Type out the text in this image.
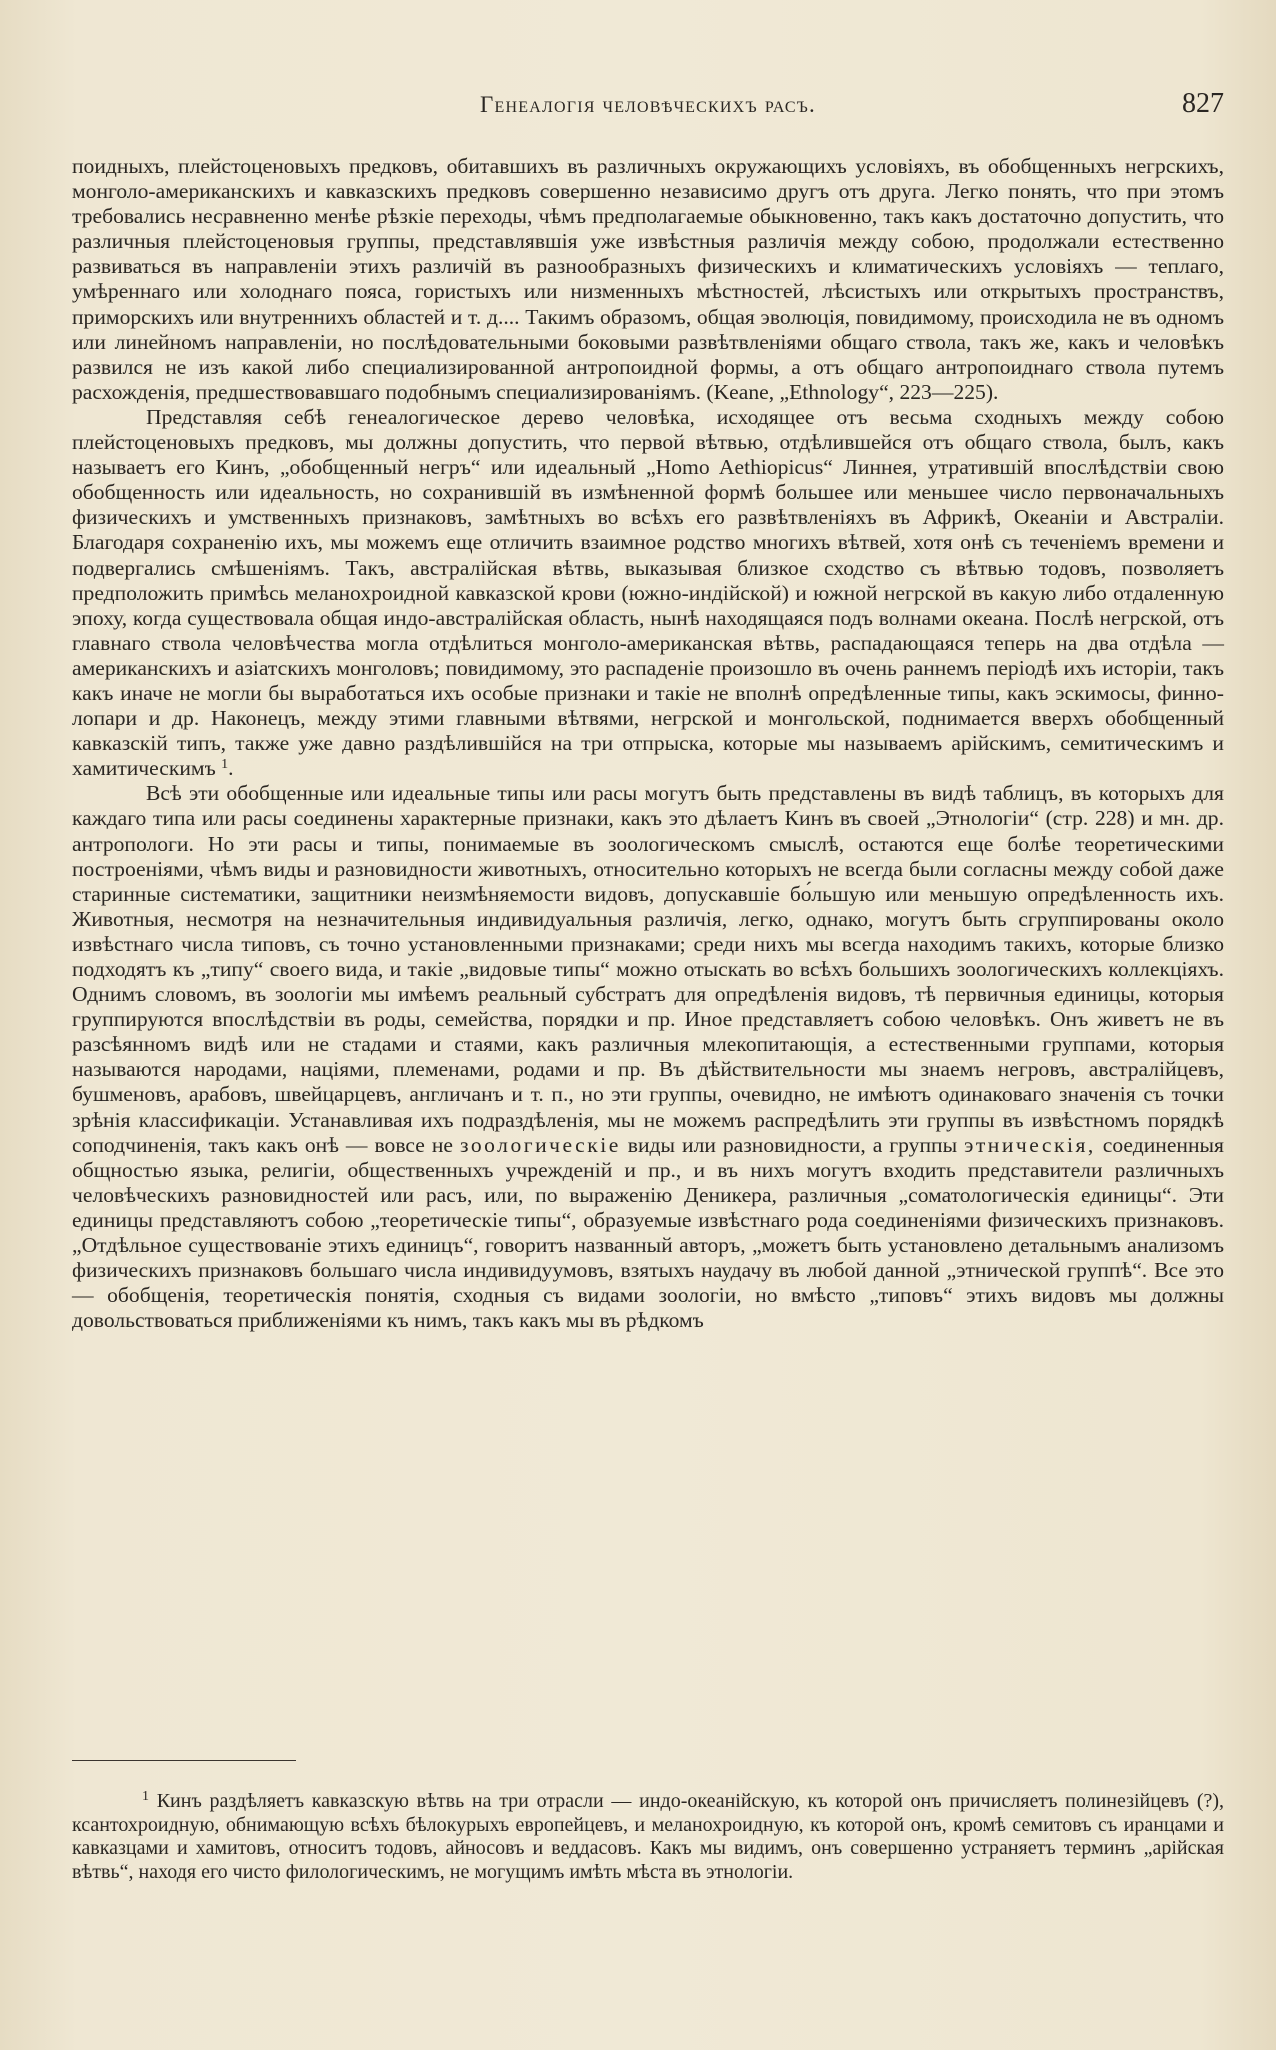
Генеалогія человѣческихъ расъ.	827

поидныхъ, плейстоценовыхъ предковъ, обитавшихъ въ различныхъ окружающихъ условіяхъ, въ обобщенныхъ негрскихъ, монголо-американскихъ и кавказскихъ предковъ совершенно независимо другъ отъ друга. Легко понять, что при этомъ требовались несравненно менѣе рѣзкіе переходы, чѣмъ предполагаемые обыкновенно, такъ какъ достаточно допустить, что различныя плейстоценовыя группы, представлявшія уже извѣстныя различія между собою, продолжали естественно развиваться въ направленіи этихъ различій въ разнообразныхъ физическихъ и климатическихъ условіяхъ — теплаго, умѣреннаго или холоднаго пояса, гористыхъ или низменныхъ мѣстностей, лѣсистыхъ или открытыхъ пространствъ, приморскихъ или внутреннихъ областей и т. д.... Такимъ образомъ, общая эволюція, повидимому, происходила не въ одномъ или линейномъ направленіи, но послѣдовательными боковыми развѣтвленіями общаго ствола, такъ же, какъ и человѣкъ развился не изъ какой либо специализированной антропоидной формы, а отъ общаго антропоиднаго ствола путемъ расхожденія, предшествовавшаго подобнымъ специализированіямъ. (Keane, „Ethnology“, 223—225).

Представляя себѣ генеалогическое дерево человѣка, исходящее отъ весьма сходныхъ между собою плейстоценовыхъ предковъ, мы должны допустить, что первой вѣтвью, отдѣлившейся отъ общаго ствола, былъ, какъ называетъ его Кинъ, „обобщенный негръ“ или идеальный „Homo Aethiopicus“ Линнея, утратившій впослѣдствіи свою обобщенность или идеальность, но сохранившій въ измѣненной формѣ большее или меньшее число первоначальныхъ физическихъ и умственныхъ признаковъ, замѣтныхъ во всѣхъ его развѣтвленіяхъ въ Африкѣ, Океаніи и Австраліи. Благодаря сохраненію ихъ, мы можемъ еще отличить взаимное родство многихъ вѣтвей, хотя онѣ съ теченіемъ времени и подвергались смѣшеніямъ. Такъ, австралійская вѣтвь, выказывая близкое сходство съ вѣтвью тодовъ, позволяетъ предположить примѣсь меланохроидной кавказской крови (южно-индійской) и южной негрской въ какую либо отдаленную эпоху, когда существовала общая индо-австралійская область, нынѣ находящаяся подъ волнами океана. Послѣ негрской, отъ главнаго ствола человѣчества могла отдѣлиться монголо-американская вѣтвь, распадающаяся теперь на два отдѣла — американскихъ и азіатскихъ монголовъ; повидимому, это распаденіе произошло въ очень раннемъ періодѣ ихъ исторіи, такъ какъ иначе не могли бы выработаться ихъ особые признаки и такіе не вполнѣ опредѣленные типы, какъ эскимосы, финно-лопари и др. Наконецъ, между этими главными вѣтвями, негрской и монгольской, поднимается вверхъ обобщенный кавказскій типъ, также уже давно раздѣлившійся на три отпрыска, которые мы называемъ арійскимъ, семитическимъ и хамитическимъ $^1$.

Всѣ эти обобщенные или идеальные типы или расы могутъ быть представлены въ видѣ таблицъ, въ которыхъ для каждаго типа или расы соединены характерные признаки, какъ это дѣлаетъ Кинъ въ своей „Этнологіи“ (стр. 228) и мн. др. антропологи. Но эти расы и типы, понимаемые въ зоологическомъ смыслѣ, остаются еще болѣе теоретическими построеніями, чѣмъ виды и разновидности животныхъ, относительно которыхъ не всегда были согласны между собой даже старинные систематики, защитники неизмѣняемости видовъ, допускавшіе бо́льшую или меньшую опредѣленность ихъ. Животныя, несмотря на незначительныя индивидуальныя различія, легко, однако, могутъ быть сгруппированы около извѣстнаго числа типовъ, съ точно установленными признаками; среди нихъ мы всегда находимъ такихъ, которые близко подходятъ къ „типу“ своего вида, и такіе „видовые типы“ можно отыскать во всѣхъ большихъ зоологическихъ коллекціяхъ. Однимъ словомъ, въ зоологіи мы имѣемъ реальный субстратъ для опредѣленія видовъ, тѣ первичныя единицы, которыя группируются впослѣдствіи въ роды, семейства, порядки и пр. Иное представляетъ собою человѣкъ. Онъ живетъ не въ разсѣянномъ видѣ или не стадами и стаями, какъ различныя млекопитающія, а естественными группами, которыя называются народами, націями, племенами, родами и пр. Въ дѣйствительности мы знаемъ негровъ, австралійцевъ, бушменовъ, арабовъ, швейцарцевъ, англичанъ и т. п., но эти группы, очевидно, не имѣютъ одинаковаго значенія съ точки зрѣнія классификаціи. Устанавливая ихъ подраздѣленія, мы не можемъ распредѣлить эти группы въ извѣстномъ порядкѣ соподчиненія, такъ какъ онѣ — вовсе не зоологическіе виды или разновидности, а группы этническія, соединенныя общностью языка, религіи, общественныхъ учрежденій и пр., и въ нихъ могутъ входить представители различныхъ человѣческихъ разновидностей или расъ, или, по выраженію Деникера, различныя „соматологическія единицы“. Эти единицы представляютъ собою „теоретическіе типы“, образуемые извѣстнаго рода соединеніями физическихъ признаковъ. „Отдѣльное существованіе этихъ единицъ“, говоритъ названный авторъ, „можетъ быть установлено детальнымъ анализомъ физическихъ признаковъ большаго числа индивидуумовъ, взятыхъ наудачу въ любой данной „этнической группѣ“. Все это — обобщенія, теоретическія понятія, сходныя съ видами зоологіи, но вмѣсто „типовъ“ этихъ видовъ мы должны довольствоваться приближеніями къ нимъ, такъ какъ мы въ рѣдкомъ

$^1$ Кинъ раздѣляетъ кавказскую вѣтвь на три отрасли — индо-океанійскую, къ которой онъ причисляетъ полинезійцевъ (?), ксантохроидную, обнимающую всѣхъ бѣлокурыхъ европейцевъ, и меланохроидную, къ которой онъ, кромѣ семитовъ съ иранцами и кавказцами и хамитовъ, относитъ тодовъ, айносовъ и веддасовъ. Какъ мы видимъ, онъ совершенно устраняетъ терминъ „арійская вѣтвь“, находя его чисто филологическимъ, не могущимъ имѣть мѣста въ этнологіи.
